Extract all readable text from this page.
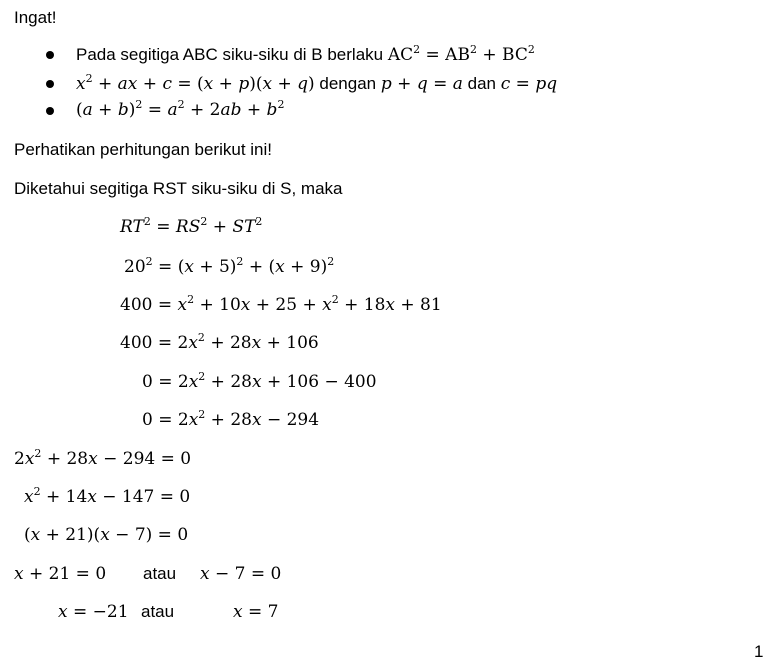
Ingat!
Pada segitiga ABC siku-siku di B berlaku $AC^2 = AB^2 + BC^2$
$x^2$ + ax + c = (x + p)(x + q) dengan p + q = a dan c = pq
$(a + b)^2 = a^2 + 2ab + b^2$
Perhatikan perhitungan berikut ini!
Diketahui segitiga RST siku-siku di S, maka
$RT^2 = RS^2 + ST^2$
$20^2 = (x + 5)^2 + (x + 9)^2$
$400 = x^2 + 10x + 25 + x^2 + 18x + 81$
$400 = 2x^2 + 28x + 106$
$0 = 2x^2 + 28x + 106 - 400$
$0 = 2x^2 + 28x - 294$
$2x^2 + 28x - 294 = 0$
$x^2 + 14x - 147 = 0$
(x + 21)(x − 7) = 0
x + 21 = 0 atau x − 7 = 0
x = −21 atau	x = 7
1
